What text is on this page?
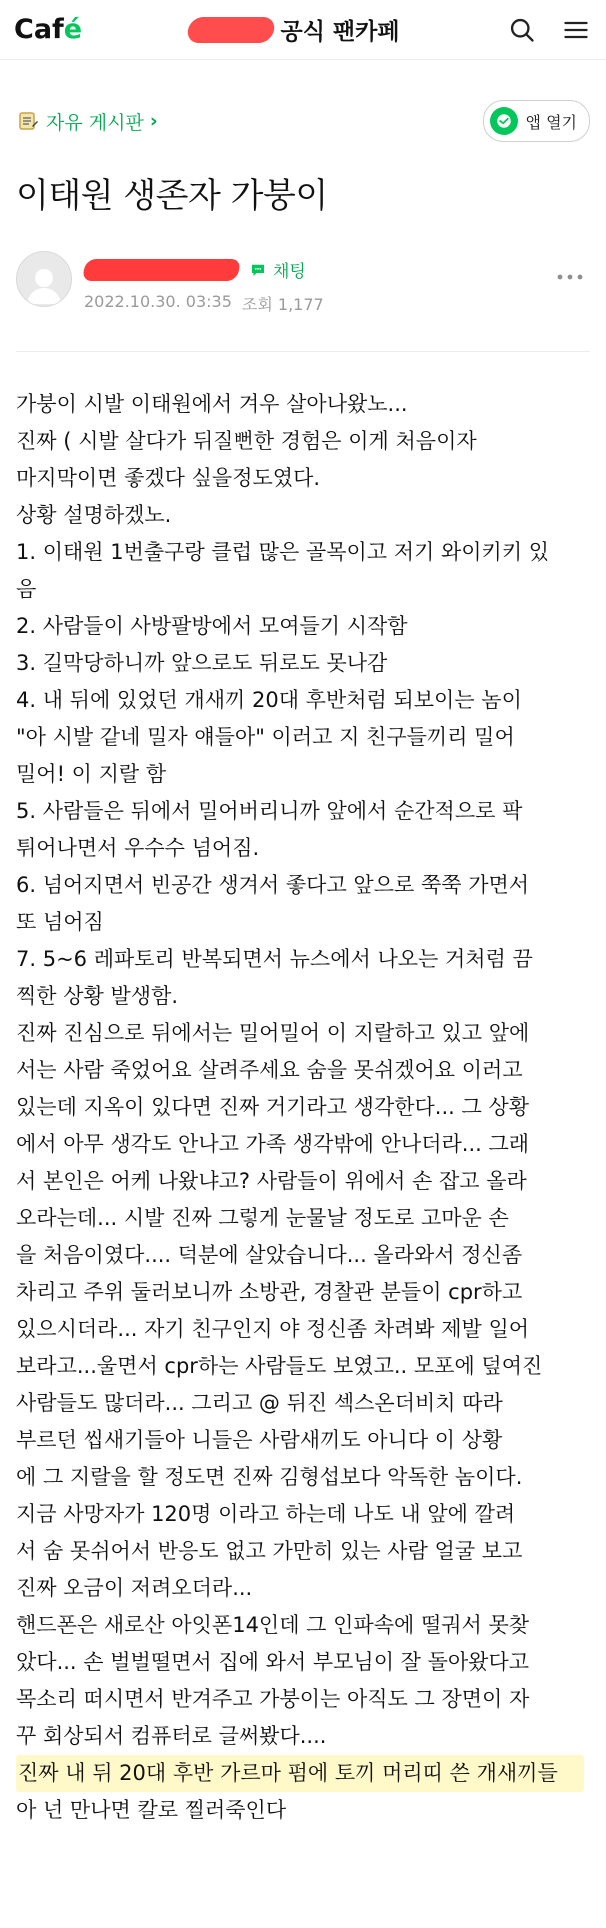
Café	공식 팬카페
자유 게시판 ›	앱 열기
이태원 생존자 가붕이
채팅
2022.10.30. 03:35 조회 1,177
가붕이 시발 이태원에서 겨우 살아나왔노...
진짜 ( 시발 살다가 뒤질뻔한 경험은 이게 처음이자
마지막이면 좋겠다 싶을정도였다.
상황 설명하겠노.
1. 이태원 1번출구랑 클럽 많은 골목이고 저기 와이키키 있
음
2. 사람들이 사방팔방에서 모여들기 시작함
3. 길막당하니까 앞으로도 뒤로도 못나감
4. 내 뒤에 있었던 개새끼 20대 후반처럼 되보이는 놈이
"아 시발 같네 밀자 얘들아" 이러고 지 친구들끼리 밀어
밀어! 이 지랄 함
5. 사람들은 뒤에서 밀어버리니까 앞에서 순간적으로 팍
튀어나면서 우수수 넘어짐.
6. 넘어지면서 빈공간 생겨서 좋다고 앞으로 쭉쭉 가면서
또 넘어짐
7. 5~6 레파토리 반복되면서 뉴스에서 나오는 거처럼 끔
찍한 상황 발생함.
진짜 진심으로 뒤에서는 밀어밀어 이 지랄하고 있고 앞에
서는 사람 죽었어요 살려주세요 숨을 못쉬겠어요 이러고
있는데 지옥이 있다면 진짜 거기라고 생각한다... 그 상황
에서 아무 생각도 안나고 가족 생각밖에 안나더라... 그래
서 본인은 어케 나왔냐고? 사람들이 위에서 손 잡고 올라
오라는데... 시발 진짜 그렇게 눈물날 정도로 고마운 손
을 처음이였다.... 덕분에 살았습니다... 올라와서 정신좀
차리고 주위 둘러보니까 소방관, 경찰관 분들이 cpr하고
있으시더라... 자기 친구인지 야 정신좀 차려봐 제발 일어
보라고...울면서 cpr하는 사람들도 보였고.. 모포에 덮여진
사람들도 많더라... 그리고 @ 뒤진 섹스온더비치 따라
부르던 씹새기들아 니들은 사람새끼도 아니다 이 상황
에 그 지랄을 할 정도면 진짜 김형섭보다 악독한 놈이다.
지금 사망자가 120명 이라고 하는데 나도 내 앞에 깔려
서 숨 못쉬어서 반응도 없고 가만히 있는 사람 얼굴 보고
진짜 오금이 저려오더라...
핸드폰은 새로산 아잇폰14인데 그 인파속에 떨궈서 못찾
았다... 손 벌벌떨면서 집에 와서 부모님이 잘 돌아왔다고
목소리 떠시면서 반겨주고 가붕이는 아직도 그 장면이 자
꾸 회상되서 컴퓨터로 글써봤다....
진짜 내 뒤 20대 후반 가르마 펌에 토끼 머리띠 쓴 개새끼들
아 넌 만나면 칼로 찔러죽인다
